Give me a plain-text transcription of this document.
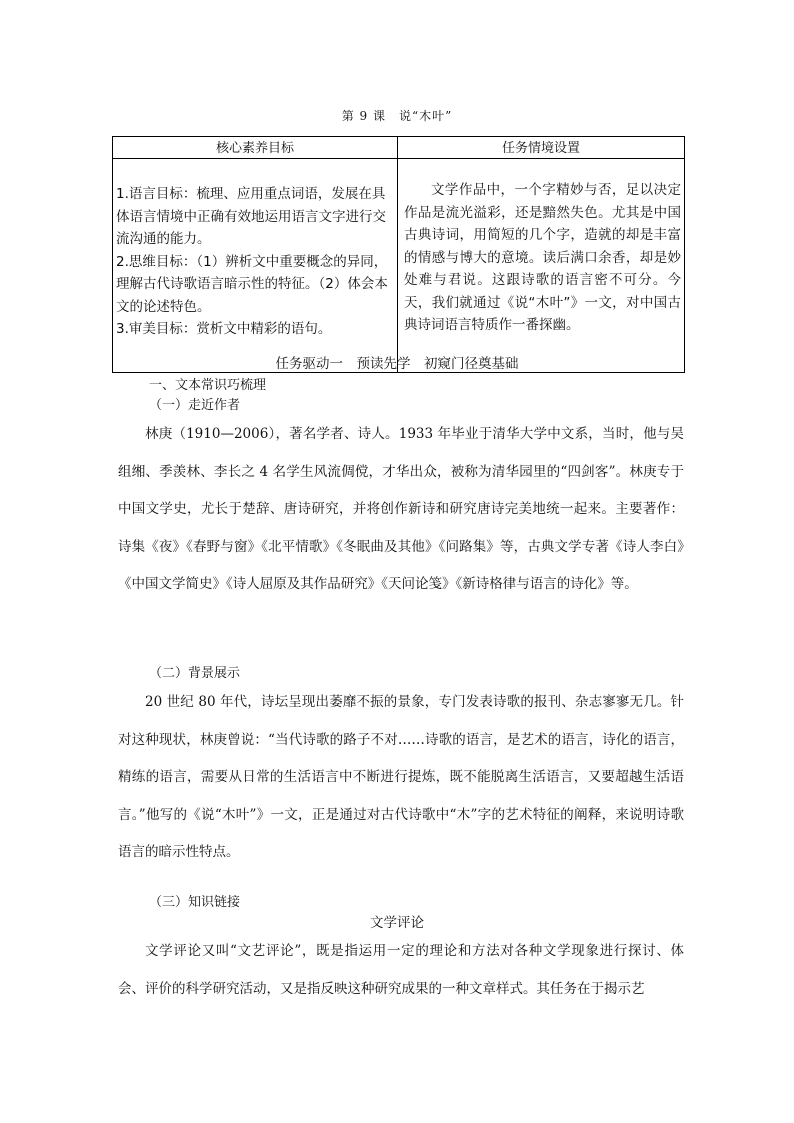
第 9 课　说“木叶”
核心素养目标	任务情境设置

1.语言目标：梳理、应用重点词语，发展在具体语言情境中正确有效地运用语言文字进行交流沟通的能力。
2.思维目标：（1）辨析文中重要概念的异同，理解古代诗歌语言暗示性的特征。（2）体会本文的论述特色。
3.审美目标：赏析文中精彩的语句。	文学作品中，一个字精妙与否，足以决定作品是流光溢彩，还是黯然失色。尤其是中国古典诗词，用简短的几个字，造就的却是丰富的情感与博大的意境。读后满口余香，却是妙处难与君说。这跟诗歌的语言密不可分。今天，我们就通过《说“木叶”》一文，对中国古典诗词语言特质作一番探幽。
任务驱动一　预读先学　初窥门径奠基础
一、文本常识巧梳理
（一）走近作者
林庚（1910—2006），著名学者、诗人。1933 年毕业于清华大学中文系，当时，他与吴组缃、季羡林、李长之 4 名学生风流倜傥，才华出众，被称为清华园里的“四剑客”。林庚专于中国文学史，尤长于楚辞、唐诗研究，并将创作新诗和研究唐诗完美地统一起来。主要著作：诗集《夜》《春野与窗》《北平情歌》《冬眠曲及其他》《问路集》等，古典文学专著《诗人李白》《中国文学简史》《诗人屈原及其作品研究》《天问论笺》《新诗格律与语言的诗化》等。
（二）背景展示
20 世纪 80 年代，诗坛呈现出萎靡不振的景象，专门发表诗歌的报刊、杂志寥寥无几。针对这种现状，林庚曾说：“当代诗歌的路子不对……诗歌的语言，是艺术的语言，诗化的语言，精练的语言，需要从日常的生活语言中不断进行提炼，既不能脱离生活语言，又要超越生活语言。”他写的《说“木叶”》一文，正是通过对古代诗歌中“木”字的艺术特征的阐释，来说明诗歌语言的暗示性特点。
（三）知识链接
文学评论
文学评论又叫“文艺评论”，既是指运用一定的理论和方法对各种文学现象进行探讨、体会、评价的科学研究活动，又是指反映这种研究成果的一种文章样式。其任务在于揭示艺
